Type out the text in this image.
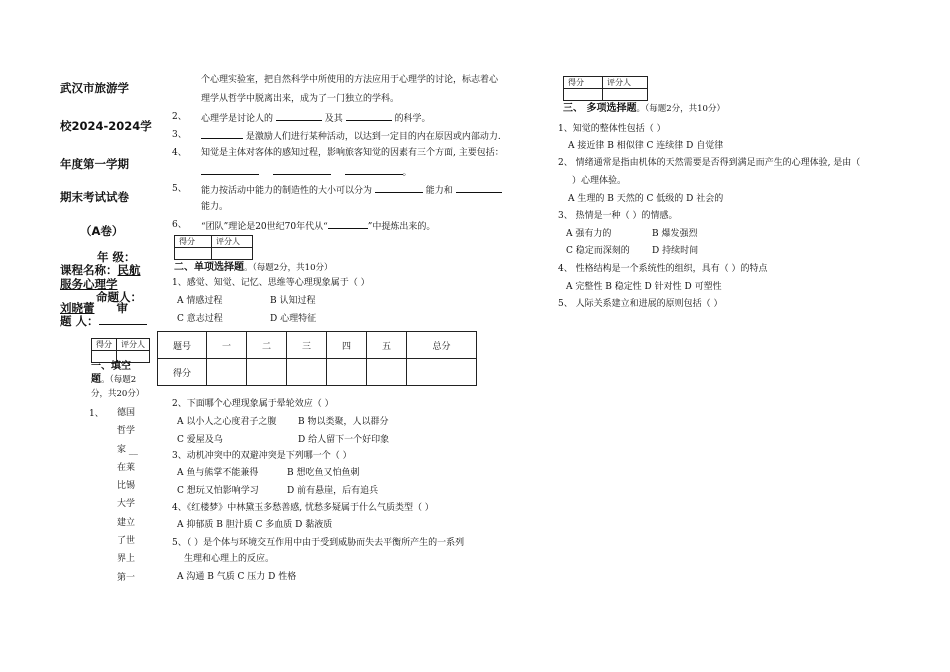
武汉市旅游学
校2024-2024学
年度第一学期
期末考试试卷
（A卷）
年 级：
课程名称：民航
服务心理学
命题人：
刘晓蕾 审
题 人：
得分	评分人

一、填空题。（每题2分，共20分）
1、 德国
哲学
家 __
在莱
比锡
大学
建立
了世
界上
第一
个心理实验室，把自然科学中所使用的方法应用于心理学的讨论，标志着心
理学从哲学中脱离出来，成为了一门独立的学科。
2、 心理学是讨论人的	及其	的科学。
3、	是激励人们进行某种活动，以达到一定目的内在原因或内部动力.
4、 知觉是主体对客体的感知过程，影响旅客知觉的因素有三个方面, 主要包括：
。
5、 能力按活动中能力的制造性的大小可以分为	能力和
能力。
6、 “团队”理论是20世纪70年代从“	”中提炼出来的。
得分	评分人

二、单项选择题。（每题2分，共10分）
1、感觉、知觉、记忆、思维等心理现象属于（ ）
A 情感过程	B 认知过程
C 意志过程	D 心理特征
题号	一	二	三	四	五	总分
得分						
2、下面哪个心理现象属于晕轮效应（ ）
A 以小人之心度君子之腹 B 物以类聚，人以群分
C 爱屋及乌	D 给人留下一个好印象
3、动机冲突中的双避冲突是下列哪一个（ ）
A 鱼与熊掌不能兼得	B 想吃鱼又怕鱼刺
C 想玩又怕影响学习	D 前有悬崖，后有追兵
4、《红楼梦》中林黛玉多愁善感, 忧愁多疑属于什么气质类型（ ）
A 抑郁质 B 胆汁质 C 多血质 D 黏液质
5、（ ）是个体与环境交互作用中由于受到威胁而失去平衡所产生的一系列
生理和心理上的反应。
A 沟通 B 气质 C 压力 D 性格
得分	评分人

三、 多项选择题。（每题2分，共10分）
1、知觉的整体性包括（ ）
A 接近律 B 相似律 C 连续律 D 自觉律
2、 情绪通常是指由机体的天然需要是否得到满足而产生的心理体验, 是由（
）心理体验。
A 生理的 B 天然的 C 低级的 D 社会的
3、 热情是一种（ ）的情感。
A 强有力的	B 爆发强烈
C 稳定而深刻的 D 持续时间
4、 性格结构是一个系统性的组织，具有（ ）的特点
A 完整性 B 稳定性 D 针对性 D 可塑性
5、 人际关系建立和进展的原则包括（ ）
